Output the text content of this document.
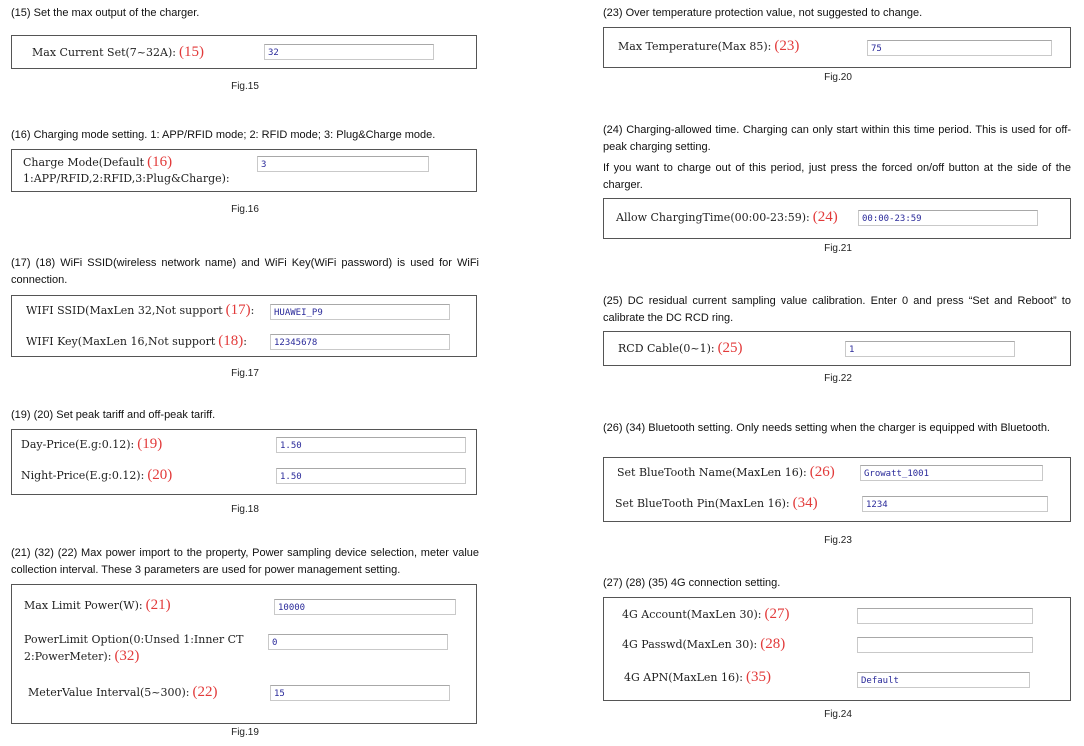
(15) Set the max output of the charger.
Max Current Set(7~32A): (15)	32
Fig.15
(16) Charging mode setting. 1: APP/RFID mode; 2: RFID mode; 3: Plug&Charge mode.
Charge Mode(Default (16)
1:APP/RFID,2:RFID,3:Plug&Charge):
3
Fig.16
(17) (18) WiFi SSID(wireless network name) and WiFi Key(WiFi password) is used for WiFi connection.
WIFI SSID(MaxLen 32,Not support (17):	HUAWEI_P9
WIFI Key(MaxLen 16,Not support (18):	12345678
Fig.17
(19) (20) Set peak tariff and off-peak tariff.
Day-Price(E.g:0.12): (19)	1.50
Night-Price(E.g:0.12): (20)	1.50
Fig.18
(21) (32) (22) Max power import to the property, Power sampling device selection, meter value collection interval. These 3 parameters are used for power management setting.
Max Limit Power(W): (21)	10000
PowerLimit Option(0:Unsed 1:Inner CT
2:PowerMeter): (32)
0
MeterValue Interval(5~300): (22)	15
Fig.19
(23) Over temperature protection value, not suggested to change.
Max Temperature(Max 85): (23)	75
Fig.20
(24) Charging-allowed time. Charging can only start within this time period. This is used for off-peak charging setting.
If you want to charge out of this period, just press the forced on/off button at the side of the charger.
Allow ChargingTime(00:00-23:59): (24)	00:00-23:59
Fig.21
(25) DC residual current sampling value calibration. Enter 0 and press “Set and Reboot” to calibrate the DC RCD ring.
RCD Cable(0~1): (25)	1
Fig.22
(26) (34) Bluetooth setting. Only needs setting when the charger is equipped with Bluetooth.
Set BlueTooth Name(MaxLen 16): (26)	Growatt_1001
Set BlueTooth Pin(MaxLen 16): (34)	1234
Fig.23
(27) (28) (35) 4G connection setting.
4G Account(MaxLen 30): (27)
4G Passwd(MaxLen 30): (28)
4G APN(MaxLen 16): (35)	Default
Fig.24
